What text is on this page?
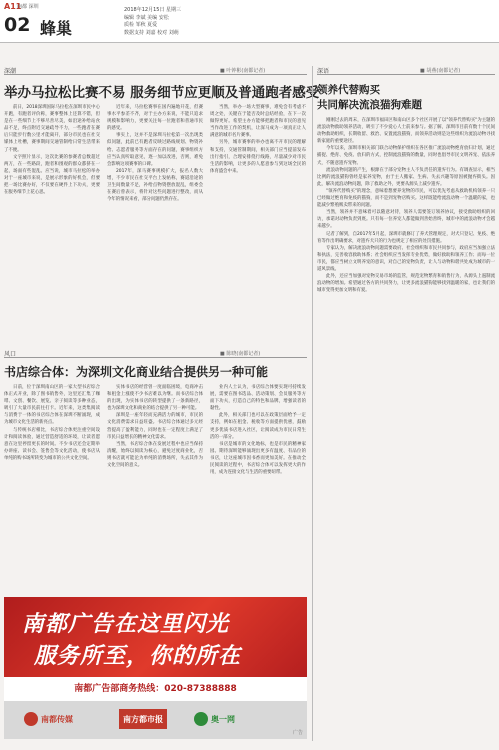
A11
南都 深圳
02 蜂巢
2018年12月15日 星期三
编辑 李斌 美编 安松
质检 邹秋 夏爱
数据支持 刘嘉 校对 刘萌
深潮	■ 叶钟彬(南都记者)
举办马拉松比赛不易 服务细节应更顺及普通跑者感受

前日，2018深圳国际马拉松在深圳市民中心开跑，有跑者评价称，赛事整体上还算不错，但是在一些细节上不够尽善尽美，如沿途补给站食品不足，终点附近交通疏导不力，一些跑者在赛后只能步行数公里才能离开，部分市民也在社交媒体上吐槽，赛事期间交通管制给日常生活带来了不便。

文字照片显示，这次比赛的参赛者总数超过两万，在一些路段，跑者和围观的群众都挤在一起，场面有些混乱。应当说，城市马拉松的举办对于一座城市来说，是展示形象的好机会，但要把一场比赛办好，不仅要在硬件上下功夫，更要在服务细节上花心思。

近年来，马拉松赛事在国内遍地开花，但赛事水平参差不齐，对于主办方来说，不能只追求规模和影响力，更要关注每一位跑者和普通市民的感受。

事实上，这并不是深圳马拉松第一次出现类似问题，此前已有跑者反映过路线规划、物资补给、志愿者服务等方面存在的问题，赛事组织方应当认真听取意见，逐一加以改进，否则，难免会影响这项赛事的口碑。

2017年，深马赛事规模扩大，报名人数大增，不少市民在社交平台上发帖称，赛道沿途的卫生间数量不足，补给点物资摆放混乱，组委会在赛后曾表示，将针对这些问题进行整改，而从今年的情况来看，部分问题仍然存在。

当然，举办一场大型赛事，难免会有考虑不周之处，关键在于能否及时总结经验，在下一次做得更好。希望主办方能够把跑者和市民的意见当作改进工作的契机，让深马成为一项真正让人满意的城市名片赛事。

另外，城市赛事的举办也离不开市民的理解和支持，交通管制期间，相关部门应当提前发布出行指引，合理安排绕行线路，尽量减少对市民生活的影响，让更多的人愿意参与到这场全民的体育盛会中来。

深语	■ 胡燕(南都记者)
领养代替购买
共同解决流浪猫狗难题

刚刚过去的周末，在深圳市福田区和南山区多个社区开展了以"领养代替购买"为主题的流浪动物救助领养活动，吸引了不少爱心人士前来参与。据了解，深圳市目前有数十个民间动物救助组织，长期收留、救治、安置流浪猫狗，而领养活动则是这些组织为流浪动物寻找新家庭的重要途径。

今年以来，深圳市相关部门联合动物保护组织在各区推广流浪动物绝育放归计划，通过捕捉、绝育、免疫、放归的方式，控制流浪猫狗的数量，同时也倡导市民文明养宠、依法养犬，不随意遗弃宠物。

流浪动物问题的产生，根源在于部分宠物主人不负责任的遗弃行为。有调查显示，相当比例的流浪猫狗曾经是家养宠物，由于主人搬家、生病、失去兴趣等原因被抛弃街头。因此，解决流浪动物问题，除了救助之外，更要从源头上减少遗弃。

"领养代替购买"的理念，意味着想要养宠物的市民，可以优先考虑从救助机构领养一只已经做过绝育和免疫的猫狗，而不是到宠物店购买。这样既能给流浪动物一个温暖的家，也能减少繁殖贩卖带来的问题。

当然，领养并不意味着可以随意对待，领养人需要签订领养协议，接受救助组织的回访，承诺对动物负责到底。只有每一位养宠人都能做到善始善终，城市中的流浪动物才会越来越少。

记者了解到，自2017年5月起，深圳市就修订了养犬管理规定，对犬只登记、免疫、绝育等作出明确要求，对遗弃犬只的行为也规定了相应的处罚措施。

专家认为，解决流浪动物问题需要政府、社会组织和市民共同参与，政府应当加强立法和执法，完善收容救助体系；社会组织应当发挥专业优势，做好救助和领养工作；而每一位市民，都应当树立文明养宠的意识，对自己的宠物负责，让人与动物和谐共处成为城市的一道风景线。

此外，还应当加强对宠物交易市场的监管，规范宠物繁育和销售行为，从源头上遏制流浪动物的增加。希望通过各方的共同努力，让更多流浪猫狗能够找到温暖的家，也让我们的城市变得更加文明和有爱。

风口	■ 陈晓(南都记者)
书店综合体：为深圳文化商业结合提供另一种可能

日前，位于深圳南山区的一家大型书店综合体正式开业，除了图书销售外，这里还汇集了咖啡、文创、餐饮、展览、亲子阅读等多种业态，吸引了大量市民前往打卡。近年来，这类集阅读与消费于一体的书店综合体在深圳不断涌现，成为城市文化生活的新亮点。

与传统书店相比，书店综合体更注重空间设计和阅读体验，通过营造舒适的环境，让读者愿意在这里停留更长的时间。不少书店还会定期举办讲座、读书会、签售会等文化活动，使书店从单纯的购书场所转变为城市的公共文化空间。

实体书店的经营曾一度面临困境，电商冲击和租金上涨使不少书店难以为继。而书店综合体的出现，为实体书店的转型提供了一条新路径，也为深圳文化和商业的结合提供了另一种可能。

深圳是一座年轻而充满活力的城市，市民的文化消费需求日益旺盛。书店综合体通过多元经营提高了盈利能力，同时也在一定程度上满足了市民日益增长的精神文化需求。

当然，书店综合体在发展过程中也应当保持清醒，始终以阅读为核心，避免过度商业化，否则书店就可能沦为单纯的消费场所，失去其作为文化空间的意义。

业内人士认为，书店综合体要实现可持续发展，需要在图书选品、活动策划、会员服务等方面下功夫，打造自己的特色和品牌，增强读者的黏性。

此外，相关部门也可以在政策层面给予一定支持，例如在租金、税收等方面提供优惠，鼓励更多优质书店进入社区，让阅读成为市民日常生活的一部分。

书店是城市的文化地标，也是市民的精神家园。期待深圳能够涌现出更多有温度、有品位的书店，让这座城市因书香而更加美好。在推动全民阅读的过程中，书店综合体可以发挥更大的作用，成为连接文化与生活的重要纽带。

南都广告在这里闪光
服务所至，你的所在
南都广告部商务热线：020-87388888
南都传媒	南方都市报	奥一网
广告
